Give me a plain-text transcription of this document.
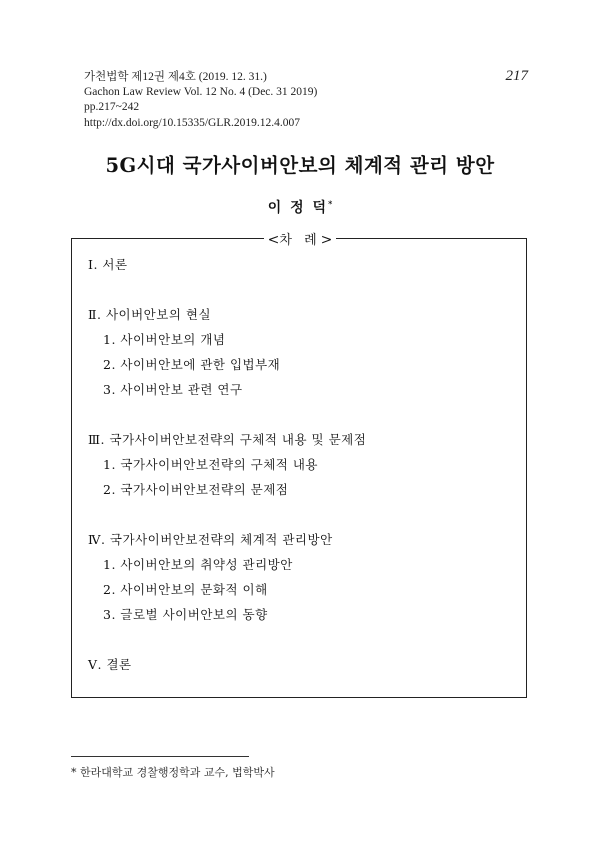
가천법학 제12권 제4호 (2019. 12. 31.)
Gachon Law Review Vol. 12 No. 4 (Dec. 31 2019)
pp.217~242
http://dx.doi.org/10.15335/GLR.2019.12.4.007
217
5G시대 국가사이버안보의 체계적 관리 방안
이 정 덕*
<차 례>
Ⅰ. 서론
Ⅱ. 사이버안보의 현실
1. 사이버안보의 개념
2. 사이버안보에 관한 입법부재
3. 사이버안보 관련 연구
Ⅲ. 국가사이버안보전략의 구체적 내용 및 문제점
1. 국가사이버안보전략의 구체적 내용
2. 국가사이버안보전략의 문제점
Ⅳ. 국가사이버안보전략의 체계적 관리방안
1. 사이버안보의 취약성 관리방안
2. 사이버안보의 문화적 이해
3. 글로벌 사이버안보의 동향
Ⅴ. 결론
* 한라대학교 경찰행정학과 교수, 법학박사
